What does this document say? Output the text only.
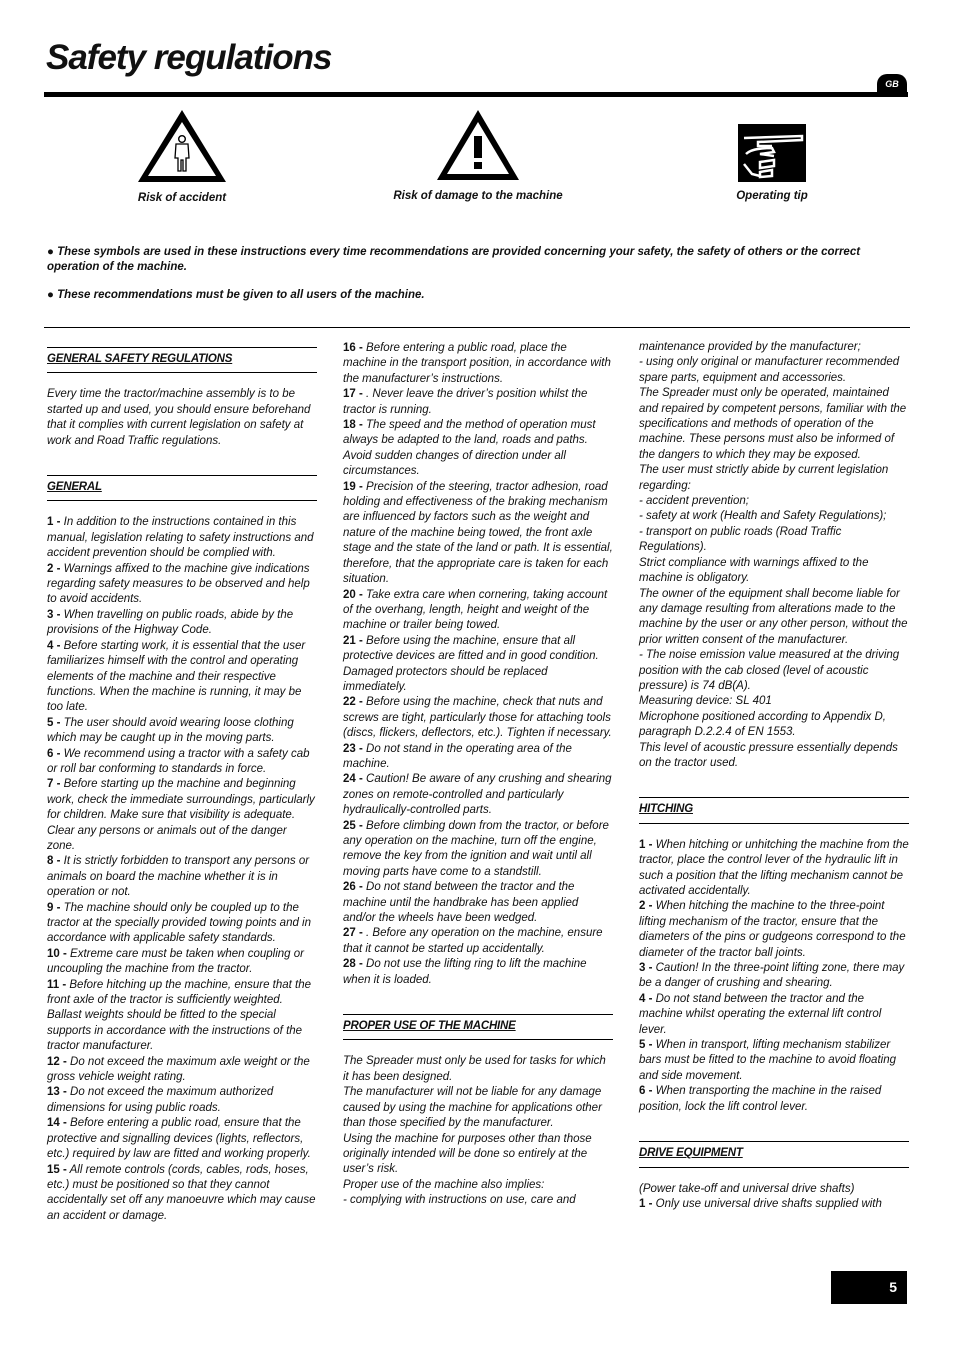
Safety regulations
GB
Risk of accident	Risk of damage to the machine	Operating tip
● These symbols are used in these instructions every time recommendations are provided concerning your safety, the safety of others or the correct operation of the machine.
● These recommendations must be given to all users of the machine.
GENERAL SAFETY REGULATIONS

Every time the tractor/machine assembly is to be started up and used, you should ensure beforehand that it complies with current legislation on safety at work and Road Traffic regulations.

GENERAL

1 - In addition to the instructions contained in this manual, legislation relating to safety instructions and accident prevention should be complied with.

2 - Warnings affixed to the machine give indications regarding safety measures to be observed and help to avoid accidents.

3 - When travelling on public roads, abide by the provisions of the Highway Code.

4 - Before starting work, it is essential that the user familiarizes himself with the control and operating elements of the machine and their respective functions. When the machine is running, it may be too late.

5 - The user should avoid wearing loose clothing which may be caught up in the moving parts.

6 - We recommend using a tractor with a safety cab or roll bar conforming to standards in force.

7 - Before starting up the machine and beginning work, check the immediate surroundings, particularly for children. Make sure that visibility is adequate. Clear any persons or animals out of the danger zone.

8 - It is strictly forbidden to transport any persons or animals on board the machine whether it is in operation or not.

9 - The machine should only be coupled up to the tractor at the specially provided towing points and in accordance with applicable safety standards.

10 - Extreme care must be taken when coupling or uncoupling the machine from the tractor.

11 - Before hitching up the machine, ensure that the front axle of the tractor is sufficiently weighted. Ballast weights should be fitted to the special supports in accordance with the instructions of the tractor manufacturer.

12 - Do not exceed the maximum axle weight or the gross vehicle weight rating.

13 - Do not exceed the maximum authorized dimensions for using public roads.

14 - Before entering a public road, ensure that the protective and signalling devices (lights, reflectors, etc.) required by law are fitted and working properly.

15 - All remote controls (cords, cables, rods, hoses, etc.) must be positioned so that they cannot accidentally set off any manoeuvre which may cause an accident or damage.

16 - Before entering a public road, place the machine in the transport position, in accordance with the manufacturer’s instructions.

17 - . Never leave the driver’s position whilst the tractor is running.

18 - The speed and the method of operation must always be adapted to the land, roads and paths. Avoid sudden changes of direction under all circumstances.

19 - Precision of the steering, tractor adhesion, road holding and effectiveness of the braking mechanism are influenced by factors such as the weight and nature of the machine being towed, the front axle stage and the state of the land or path. It is essential, therefore, that the appropriate care is taken for each situation.

20 - Take extra care when cornering, taking account of the overhang, length, height and weight of the machine or trailer being towed.

21 - Before using the machine, ensure that all protective devices are fitted and in good condition. Damaged protectors should be replaced immediately.

22 - Before using the machine, check that nuts and screws are tight, particularly those for attaching tools (discs, flickers, deflectors, etc.). Tighten if necessary.

23 - Do not stand in the operating area of the machine.

24 - Caution! Be aware of any crushing and shearing zones on remote-controlled and particularly hydraulically-controlled parts.

25 - Before climbing down from the tractor, or before any operation on the machine, turn off the engine, remove the key from the ignition and wait until all moving parts have come to a standstill.

26 - Do not stand between the tractor and the machine until the handbrake has been applied and/or the wheels have been wedged.

27 - . Before any operation on the machine, ensure that it cannot be started up accidentally.

28 - Do not use the lifting ring to lift the machine when it is loaded.

PROPER USE OF THE MACHINE

The Spreader must only be used for tasks for which it has been designed.

The manufacturer will not be liable for any damage caused by using the machine for applications other than those specified by the manufacturer.

Using the machine for purposes other than those originally intended will be done so entirely at the user’s risk.

Proper use of the machine also implies:

- complying with instructions on use, care and

maintenance provided by the manufacturer;

- using only original or manufacturer recommended spare parts, equipment and accessories.

The Spreader must only be operated, maintained and repaired by competent persons, familiar with the specifications and methods of operation of the machine. These persons must also be informed of the dangers to which they may be exposed.

The user must strictly abide by current legislation regarding:

- accident prevention;

- safety at work (Health and Safety Regulations);

- transport on public roads (Road Traffic Regulations).

Strict compliance with warnings affixed to the machine is obligatory.

The owner of the equipment shall become liable for any damage resulting from alterations made to the machine by the user or any other person, without the prior written consent of the manufacturer.

- The noise emission value measured at the driving position with the cab closed (level of acoustic pressure) is 74 dB(A).

Measuring device: SL 401

Microphone positioned according to Appendix D, paragraph D.2.2.4 of EN 1553.

This level of acoustic pressure essentially depends on the tractor used.

HITCHING

1 - When hitching or unhitching the machine from the tractor, place the control lever of the hydraulic lift in such a position that the lifting mechanism cannot be activated accidentally.

2 - When hitching the machine to the three-point lifting mechanism of the tractor, ensure that the diameters of the pins or gudgeons correspond to the diameter of the tractor ball joints.

3 - Caution! In the three-point lifting zone, there may be a danger of crushing and shearing.

4 - Do not stand between the tractor and the machine whilst operating the external lift control lever.

5 - When in transport, lifting mechanism stabilizer bars must be fitted to the machine to avoid floating and side movement.

6 - When transporting the machine in the raised position, lock the lift control lever.

DRIVE EQUIPMENT

(Power take-off and universal drive shafts)

1 - Only use universal drive shafts supplied with

5
